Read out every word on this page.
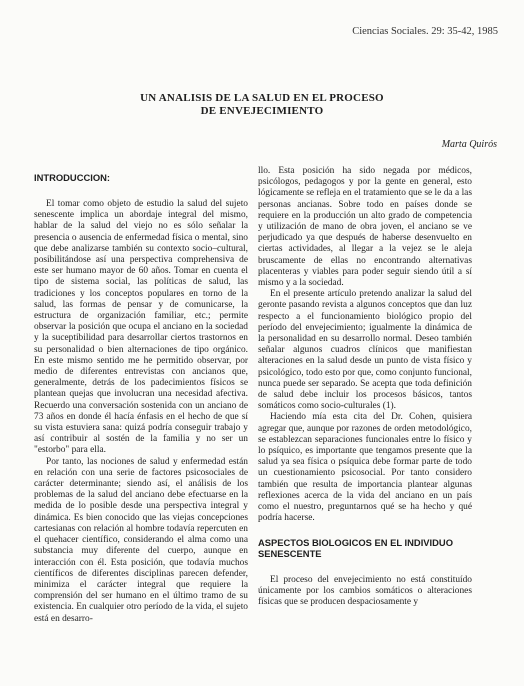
Ciencias Sociales. 29: 35-42, 1985
UN ANALISIS DE LA SALUD EN EL PROCESO
DE ENVEJECIMIENTO
Marta Quirós
INTRODUCCION:

El tomar como objeto de estudio la salud del sujeto senescente implica un abordaje integral del mismo, hablar de la salud del viejo no es sólo señalar la presencia o ausencia de enfermedad física o mental, sino que debe analizarse también su contexto socio–cultural, posibilitándose así una perspectiva comprehensiva de este ser humano mayor de 60 años. Tomar en cuenta el tipo de sistema social, las políticas de salud, las tradiciones y los conceptos populares en torno de la salud, las formas de pensar y de comunicarse, la estructura de organización familiar, etc.; permite observar la posición que ocupa el anciano en la sociedad y la suceptibilidad para desarrollar ciertos trastornos en su personalidad o bien alternaciones de tipo orgánico. En este mismo sentido me he permitido observar, por medio de diferentes entrevistas con ancianos que, generalmente, detrás de los padecimientos físicos se plantean quejas que involucran una necesidad afectiva. Recuerdo una conversación sostenida con un anciano de 73 años en donde él hacía énfasis en el hecho de que sí su vista estuviera sana: quizá podría conseguir trabajo y así contribuir al sostén de la familia y no ser un "estorbo" para ella.

Por tanto, las nociones de salud y enfermedad están en relación con una serie de factores psicosociales de carácter determinante; siendo así, el análisis de los problemas de la salud del anciano debe efectuarse en la medida de lo posible desde una perspectiva integral y dinámica. Es bien conocido que las viejas concepciones cartesianas con relación al hombre todavía repercuten en el quehacer científico, considerando el alma como una substancia muy diferente del cuerpo, aunque en interacción con él. Esta posición, que todavía muchos científicos de diferentes disciplinas parecen defender, minimiza el carácter integral que requiere la comprensión del ser humano en el último tramo de su existencia. En cualquier otro período de la vida, el sujeto está en desarro-

llo. Esta posición ha sido negada por médicos, psicólogos, pedagogos y por la gente en general, esto lógicamente se refleja en el tratamiento que se le da a las personas ancianas. Sobre todo en países donde se requiere en la producción un alto grado de competencia y utilización de mano de obra joven, el anciano se ve perjudicado ya que después de haberse desenvuelto en ciertas actividades, al llegar a la vejez se le aleja bruscamente de ellas no encontrando alternativas placenteras y viables para poder seguir siendo útil a sí mismo y a la sociedad.

En el presente artículo pretendo analizar la salud del geronte pasando revista a algunos conceptos que dan luz respecto a el funcionamiento biológico propio del período del envejecimiento; igualmente la dinámica de la personalidad en su desarrollo normal. Deseo también señalar algunos cuadros clínicos que manifiestan alteraciones en la salud desde un punto de vista físico y psicológico, todo esto por que, como conjunto funcional, nunca puede ser separado. Se acepta que toda definición de salud debe incluir los procesos básicos, tantos somáticos como socio-culturales (1).

Haciendo mía esta cita del Dr. Cohen, quisiera agregar que, aunque por razones de orden metodológico, se establezcan separaciones funcionales entre lo físico y lo psíquico, es importante que tengamos presente que la salud ya sea física o psíquica debe formar parte de todo un cuestionamiento psicosocial. Por tanto considero también que resulta de importancia plantear algunas reflexiones acerca de la vida del anciano en un país como el nuestro, preguntarnos qué se ha hecho y qué podría hacerse.

ASPECTOS BIOLOGICOS EN EL INDIVIDUO SENESCENTE

El proceso del envejecimiento no está constituído únicamente por los cambios somáticos o alteraciones físicas que se producen despaciosamente y
